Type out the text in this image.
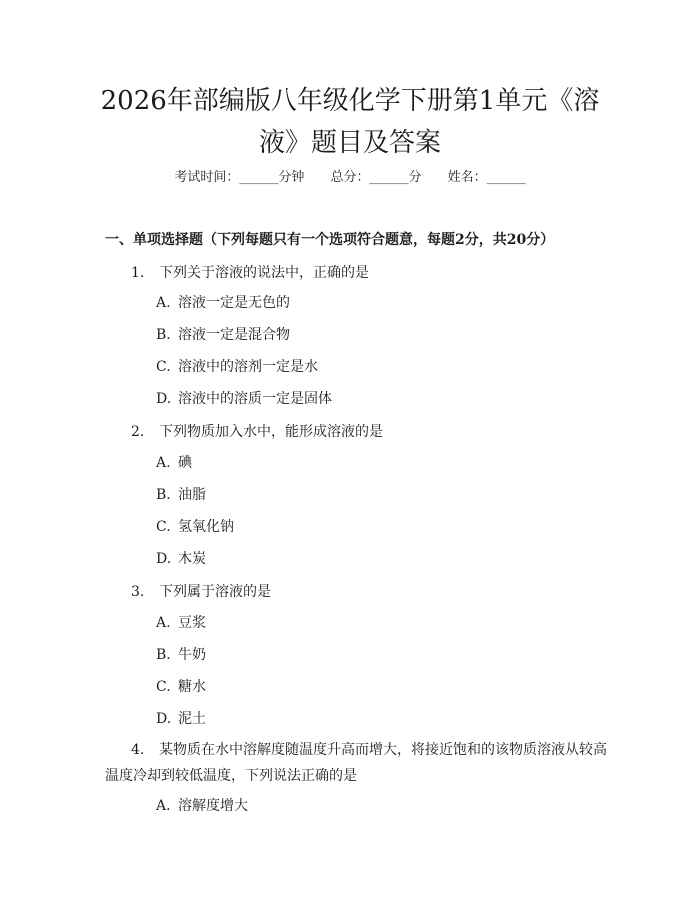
2026年部编版八年级化学下册第1单元《溶
液》题目及答案
考试时间：______分钟 总分：______分 姓名：______
一、单项选择题（下列每题只有一个选项符合题意，每题2分，共20分）
1. 下列关于溶液的说法中，正确的是
A. 溶液一定是无色的
B. 溶液一定是混合物
C. 溶液中的溶剂一定是水
D. 溶液中的溶质一定是固体
2. 下列物质加入水中，能形成溶液的是
A. 碘
B. 油脂
C. 氢氧化钠
D. 木炭
3. 下列属于溶液的是
A. 豆浆
B. 牛奶
C. 糖水
D. 泥土
4. 某物质在水中溶解度随温度升高而增大，将接近饱和的该物质溶液从较高温度冷却到较低温度，下列说法正确的是
A. 溶解度增大
